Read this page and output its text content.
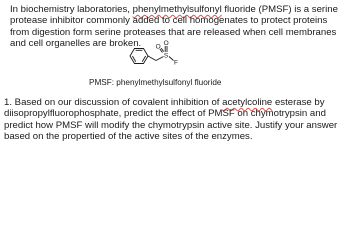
In biochemistry laboratories, phenylmethylsulfonyl fluoride (PMSF) is a serine protease inhibitor commonly added to cell homogenates to protect proteins from digestion form serine proteases that are released when cell membranes and cell organelles are broken.	O
O
S
F

PMSF: phenylmethylsulfonyl fluoride

1. Based on our discussion of covalent inhibition of acetylcoline esterase by diisopropylfluorophosphate, predict the effect of PMSF on chymotrypsin and predict how PMSF will modify the chymotrypsin active site. Justify your answer based on the propertied of the active sites of the enzymes.
